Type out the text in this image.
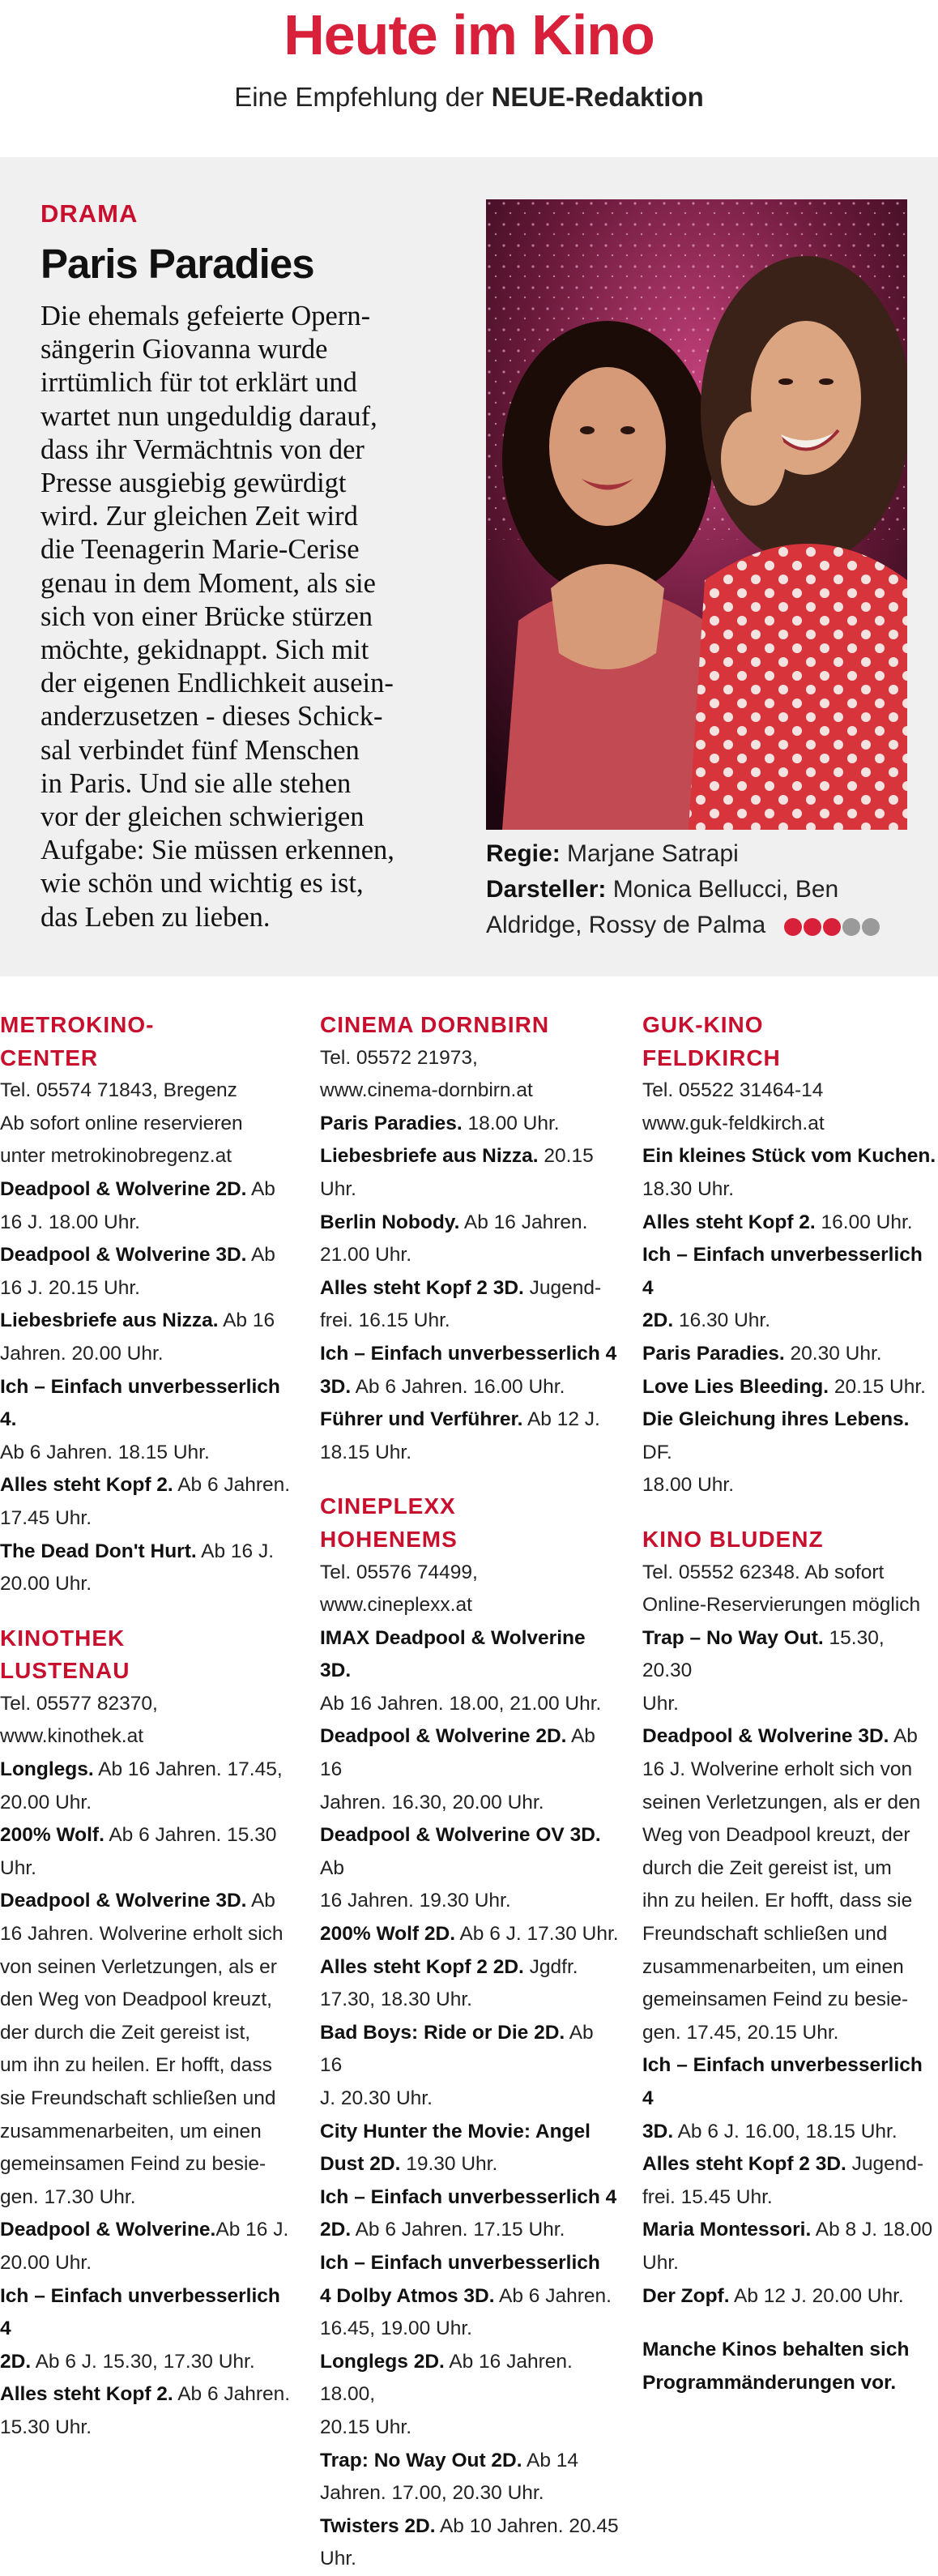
Heute im Kino
Eine Empfehlung der NEUE-Redaktion
DRAMA
Paris Paradies
Die ehemals gefeierte Opern-
sängerin Giovanna wurde
irrtümlich für tot erklärt und
wartet nun ungeduldig darauf,
dass ihr Vermächtnis von der
Presse ausgiebig gewürdigt
wird. Zur gleichen Zeit wird
die Teenagerin Marie-Cerise
genau in dem Moment, als sie
sich von einer Brücke stürzen
möchte, gekidnappt. Sich mit
der eigenen Endlichkeit ausein-
anderzusetzen - dieses Schick-
sal verbindet fünf Menschen
in Paris. Und sie alle stehen
vor der gleichen schwierigen
Aufgabe: Sie müssen erkennen,
wie schön und wichtig es ist,
das Leben zu lieben.
Regie: Marjane Satrapi
Darsteller: Monica Bellucci, Ben
Aldridge, Rossy de Palma
METROKINO-
CENTER
Tel. 05574 71843, Bregenz
Ab sofort online reservieren
unter metrokinobregenz.at
Deadpool & Wolverine 2D. Ab
16 J. 18.00 Uhr.
Deadpool & Wolverine 3D. Ab
16 J. 20.15 Uhr.
Liebesbriefe aus Nizza. Ab 16
Jahren. 20.00 Uhr.
Ich – Einfach unverbesserlich 4.
Ab 6 Jahren. 18.15 Uhr.
Alles steht Kopf 2. Ab 6 Jahren.
17.45 Uhr.
The Dead Don't Hurt. Ab 16 J.
20.00 Uhr.
KINOTHEK
LUSTENAU
Tel. 05577 82370,
www.kinothek.at
Longlegs. Ab 16 Jahren. 17.45,
20.00 Uhr.
200% Wolf. Ab 6 Jahren. 15.30
Uhr.
Deadpool & Wolverine 3D. Ab
16 Jahren. Wolverine erholt sich
von seinen Verletzungen, als er
den Weg von Deadpool kreuzt,
der durch die Zeit gereist ist,
um ihn zu heilen. Er hofft, dass
sie Freundschaft schließen und
zusammenarbeiten, um einen
gemeinsamen Feind zu besie-
gen. 17.30 Uhr.
Deadpool & Wolverine.Ab 16 J.
20.00 Uhr.
Ich – Einfach unverbesserlich 4
2D. Ab 6 J. 15.30, 17.30 Uhr.
Alles steht Kopf 2. Ab 6 Jahren.
15.30 Uhr.
CINEMA DORNBIRN
Tel. 05572 21973,
www.cinema-dornbirn.at
Paris Paradies. 18.00 Uhr.
Liebesbriefe aus Nizza. 20.15
Uhr.
Berlin Nobody. Ab 16 Jahren.
21.00 Uhr.
Alles steht Kopf 2 3D. Jugend-
frei. 16.15 Uhr.
Ich – Einfach unverbesserlich 4
3D. Ab 6 Jahren. 16.00 Uhr.
Führer und Verführer. Ab 12 J.
18.15 Uhr.
CINEPLEXX
HOHENEMS
Tel. 05576 74499,
www.cineplexx.at
IMAX Deadpool & Wolverine 3D.
Ab 16 Jahren. 18.00, 21.00 Uhr.
Deadpool & Wolverine 2D. Ab 16
Jahren. 16.30, 20.00 Uhr.
Deadpool & Wolverine OV 3D. Ab
16 Jahren. 19.30 Uhr.
200% Wolf 2D. Ab 6 J. 17.30 Uhr.
Alles steht Kopf 2 2D. Jgdfr.
17.30, 18.30 Uhr.
Bad Boys: Ride or Die 2D. Ab 16
J. 20.30 Uhr.
City Hunter the Movie: Angel
Dust 2D. 19.30 Uhr.
Ich – Einfach unverbesserlich 4
2D. Ab 6 Jahren. 17.15 Uhr.
Ich – Einfach unverbesserlich
4 Dolby Atmos 3D. Ab 6 Jahren.
16.45, 19.00 Uhr.
Longlegs 2D. Ab 16 Jahren. 18.00,
20.15 Uhr.
Trap: No Way Out 2D. Ab 14
Jahren. 17.00, 20.30 Uhr.
Twisters 2D. Ab 10 Jahren. 20.45
Uhr.
GUK-KINO
FELDKIRCH
Tel. 05522 31464-14
www.guk-feldkirch.at
Ein kleines Stück vom Kuchen.
18.30 Uhr.
Alles steht Kopf 2. 16.00 Uhr.
Ich – Einfach unverbesserlich 4
2D. 16.30 Uhr.
Paris Paradies. 20.30 Uhr.
Love Lies Bleeding. 20.15 Uhr.
Die Gleichung ihres Lebens. DF.
18.00 Uhr.
KINO BLUDENZ
Tel. 05552 62348. Ab sofort
Online-Reservierungen möglich
Trap – No Way Out. 15.30, 20.30
Uhr.
Deadpool & Wolverine 3D. Ab
16 J. Wolverine erholt sich von
seinen Verletzungen, als er den
Weg von Deadpool kreuzt, der
durch die Zeit gereist ist, um
ihn zu heilen. Er hofft, dass sie
Freundschaft schließen und
zusammenarbeiten, um einen
gemeinsamen Feind zu besie-
gen. 17.45, 20.15 Uhr.
Ich – Einfach unverbesserlich 4
3D. Ab 6 J. 16.00, 18.15 Uhr.
Alles steht Kopf 2 3D. Jugend-
frei. 15.45 Uhr.
Maria Montessori. Ab 8 J. 18.00
Uhr.
Der Zopf. Ab 12 J. 20.00 Uhr.
Manche Kinos behalten sich
Programmänderungen vor.
